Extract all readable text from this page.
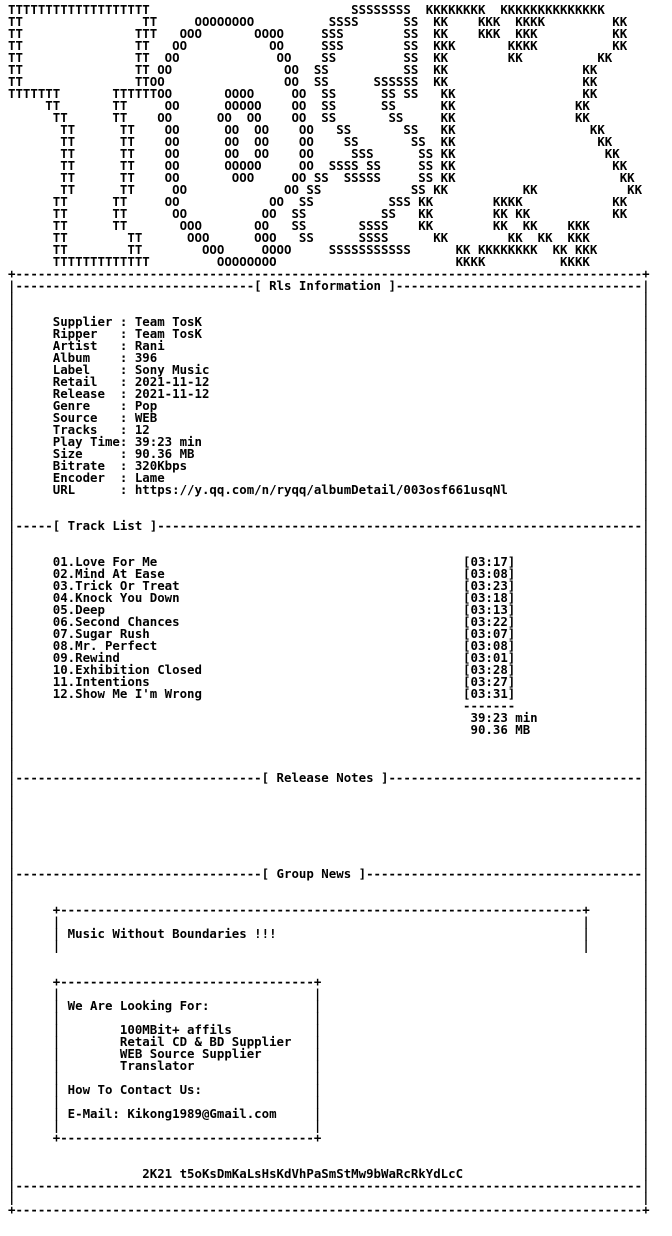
TTTTTTTTTTTTTTTTTTT                           SSSSSSSS  KKKKKKKK  KKKKKKKKKKKKKK
TT                TT     OOOOOOOO          SSSS      SS  KK    KKK  KKKK         KK
TT               TTT   OOO       OOOO     SSS        SS  KK    KKK  KKK          KK
TT               TT   OO           OO     SSS        SS  KKK       KKKK          KK
TT               TT  OO             OO    SS         SS  KK        KK          KK
TT               TT OO               OO  SS          SS  KK                  KK
TT               TTOO                OO  SS      SSSSSS  KK                  KK
TTTTTTT       TTTTTTOO       OOOO     OO  SS      SS SS   KK                 KK
TT       TT     OO      OOOOO    OO  SS      SS      KK                KK
TT      TT    OO      OO  OO    OO  SS       SS     KK                KK
TT      TT    OO      OO  OO    OO   SS       SS   KK                  KK
TT      TT    OO      OO  OO    OO    SS       SS  KK                   KK
TT      TT    OO      OO  OO    OO     SSS      SS KK                    KK
TT      TT    OO      OOOOO     OO  SSSS SS     SS KK                     KK
TT      TT    OO       OOO     OO SS  SSSSS     SS KK                      KK
TT      TT     OO             OO SS            SS KK          KK            KK
TT      TT     OO            OO  SS          SSS KK        KKKK            KK
TT      TT      OO          OO  SS          SS   KK        KK KK           KK
TT      TT       OOO       OO   SS       SSSS    KK        KK  KK    KKK
TT        TT      OOO      OOO   SS      SSSS      KK        KK  KK  KKK
TT        TT        OOO     OOOO     SSSSSSSSSSS      KK KKKKKKKK  KK KKK
TTTTTTTTTTTTT         OOOOOOOO                        KKKK          KKKK
+------------------------------------------------------------------------------------+
|--------------------------------[ Rls Information ]---------------------------------|
|                                                                                    |
|                                                                                    |
|     Supplier : Team TosK                                                           |
|     Ripper   : Team TosK                                                           |
|     Artist   : Rani                                                                |
|     Album    : 396                                                                 |
|     Label    : Sony Music                                                          |
|     Retail   : 2021-11-12                                                          |
|     Release  : 2021-11-12                                                          |
|     Genre    : Pop                                                                 |
|     Source   : WEB                                                                 |
|     Tracks   : 12                                                                  |
|     Play Time: 39:23 min                                                           |
|     Size     : 90.36 MB                                                            |
|     Bitrate  : 320Kbps                                                             |
|     Encoder  : Lame                                                                |
|     URL      : https://y.qq.com/n/ryqq/albumDetail/003osf661usqNl                  |
|                                                                                    |
|                                                                                    |
|-----[ Track List ]-----------------------------------------------------------------|
|                                                                                    |
|                                                                                    |
|     01.Love For Me                                         [03:17]                 |
|     02.Mind At Ease                                        [03:08]                 |
|     03.Trick Or Treat                                      [03:23]                 |
|     04.Knock You Down                                      [03:18]                 |
|     05.Deep                                                [03:13]                 |
|     06.Second Chances                                      [03:22]                 |
|     07.Sugar Rush                                          [03:07]                 |
|     08.Mr. Perfect                                         [03:08]                 |
|     09.Rewind                                              [03:01]                 |
|     10.Exhibition Closed                                   [03:28]                 |
|     11.Intentions                                          [03:27]                 |
|     12.Show Me I'm Wrong                                   [03:31]                 |
|                                                            -------                 |
|                                                             39:23 min              |
|                                                             90.36 MB               |
|                                                                                    |
|                                                                                    |
|                                                                                    |
|---------------------------------[ Release Notes ]----------------------------------|
|                                                                                    |
|                                                                                    |
|                                                                                    |
|                                                                                    |
|                                                                                    |
|                                                                                    |
|                                                                                    |
|---------------------------------[ Group News ]-------------------------------------|
|                                                                                    |
|                                                                                    |
|     +----------------------------------------------------------------------+       |
|     |                                                                      |       |
|     | Music Without Boundaries !!!                                         |       |
|     |                                                                      |       |
|                                                                                    |
|                                                                                    |
|     +----------------------------------+                                           |
|     |                                  |                                           |
|     | We Are Looking For:              |                                           |
|     |                                  |                                           |
|     |        100MBit+ affils           |                                           |
|     |        Retail CD & BD Supplier   |                                           |
|     |        WEB Source Supplier       |                                           |
|     |        Translator                |                                           |
|     |                                  |                                           |
|     | How To Contact Us:               |                                           |
|     |                                  |                                           |
|     | E-Mail: Kikong1989@Gmail.com     |                                           |
|     |                                  |                                           |
|     +----------------------------------+                                           |
|                                                                                    |
|                                                                                    |
|                 2K21 t5oKsDmKaLsHsKdVhPaSmStMw9bWaRcRkYdLcC                        |
|------------------------------------------------------------------------------------|
|                                                                                    |
+------------------------------------------------------------------------------------+
